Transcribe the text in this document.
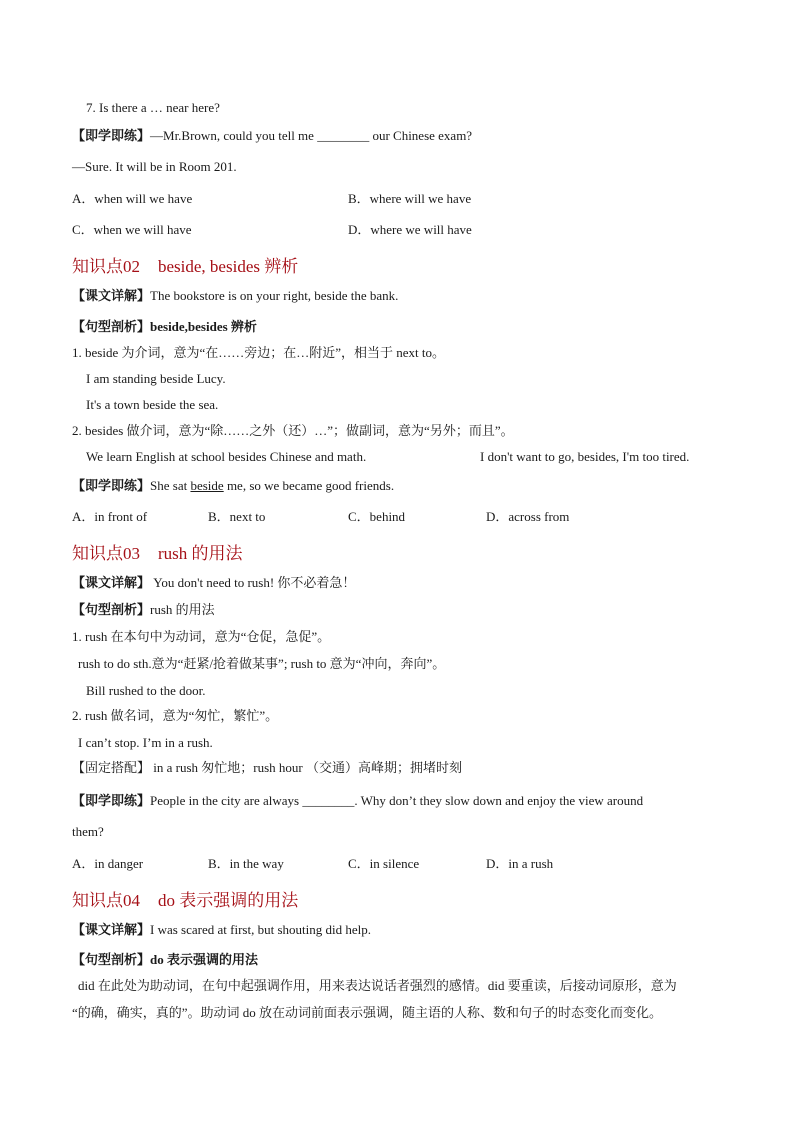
7. Is there a … near here?
【即学即练】—Mr.Brown, could you tell me ________ our Chinese exam?
—Sure. It will be in Room 201.
A．when will we have	B．where will we have
C．when we will have	D．where we will have
知识点02 beside, besides 辨析
【课文详解】The bookstore is on your right, beside the bank.
【句型剖析】beside,besides 辨析
1. beside 为介词，意为“在……旁边；在…附近”，相当于 next to。
I am standing beside Lucy.
It's a town beside the sea.
2. besides 做介词，意为“除……之外（还）…”；做副词，意为“另外；而且”。
We learn English at school besides Chinese and math.	I don't want to go, besides, I'm too tired.
【即学即练】She sat beside me, so we became good friends.
A．in front of	B．next to	C．behind	D．across from
知识点03 rush 的用法
【课文详解】 You don't need to rush! 你不必着急！
【句型剖析】rush 的用法
1. rush 在本句中为动词，意为“仓促，急促”。
rush to do sth.意为“赶紧/抢着做某事”; rush to 意为“冲向，奔向”。
Bill rushed to the door.
2. rush 做名词，意为“匆忙，繁忙”。
I can’t stop. I’m in a rush.
【固定搭配】 in a rush 匆忙地；rush hour （交通）高峰期；拥堵时刻
【即学即练】People in the city are always ________. Why don’t they slow down and enjoy the view around
them?
A．in danger	B．in the way	C．in silence	D．in a rush
知识点04 do 表示强调的用法
【课文详解】I was scared at first, but shouting did help.
【句型剖析】do 表示强调的用法
did 在此处为助动词，在句中起强调作用，用来表达说话者强烈的感情。did 要重读，后接动词原形，意为
“的确，确实，真的”。助动词 do 放在动词前面表示强调，随主语的人称、数和句子的时态变化而变化。
